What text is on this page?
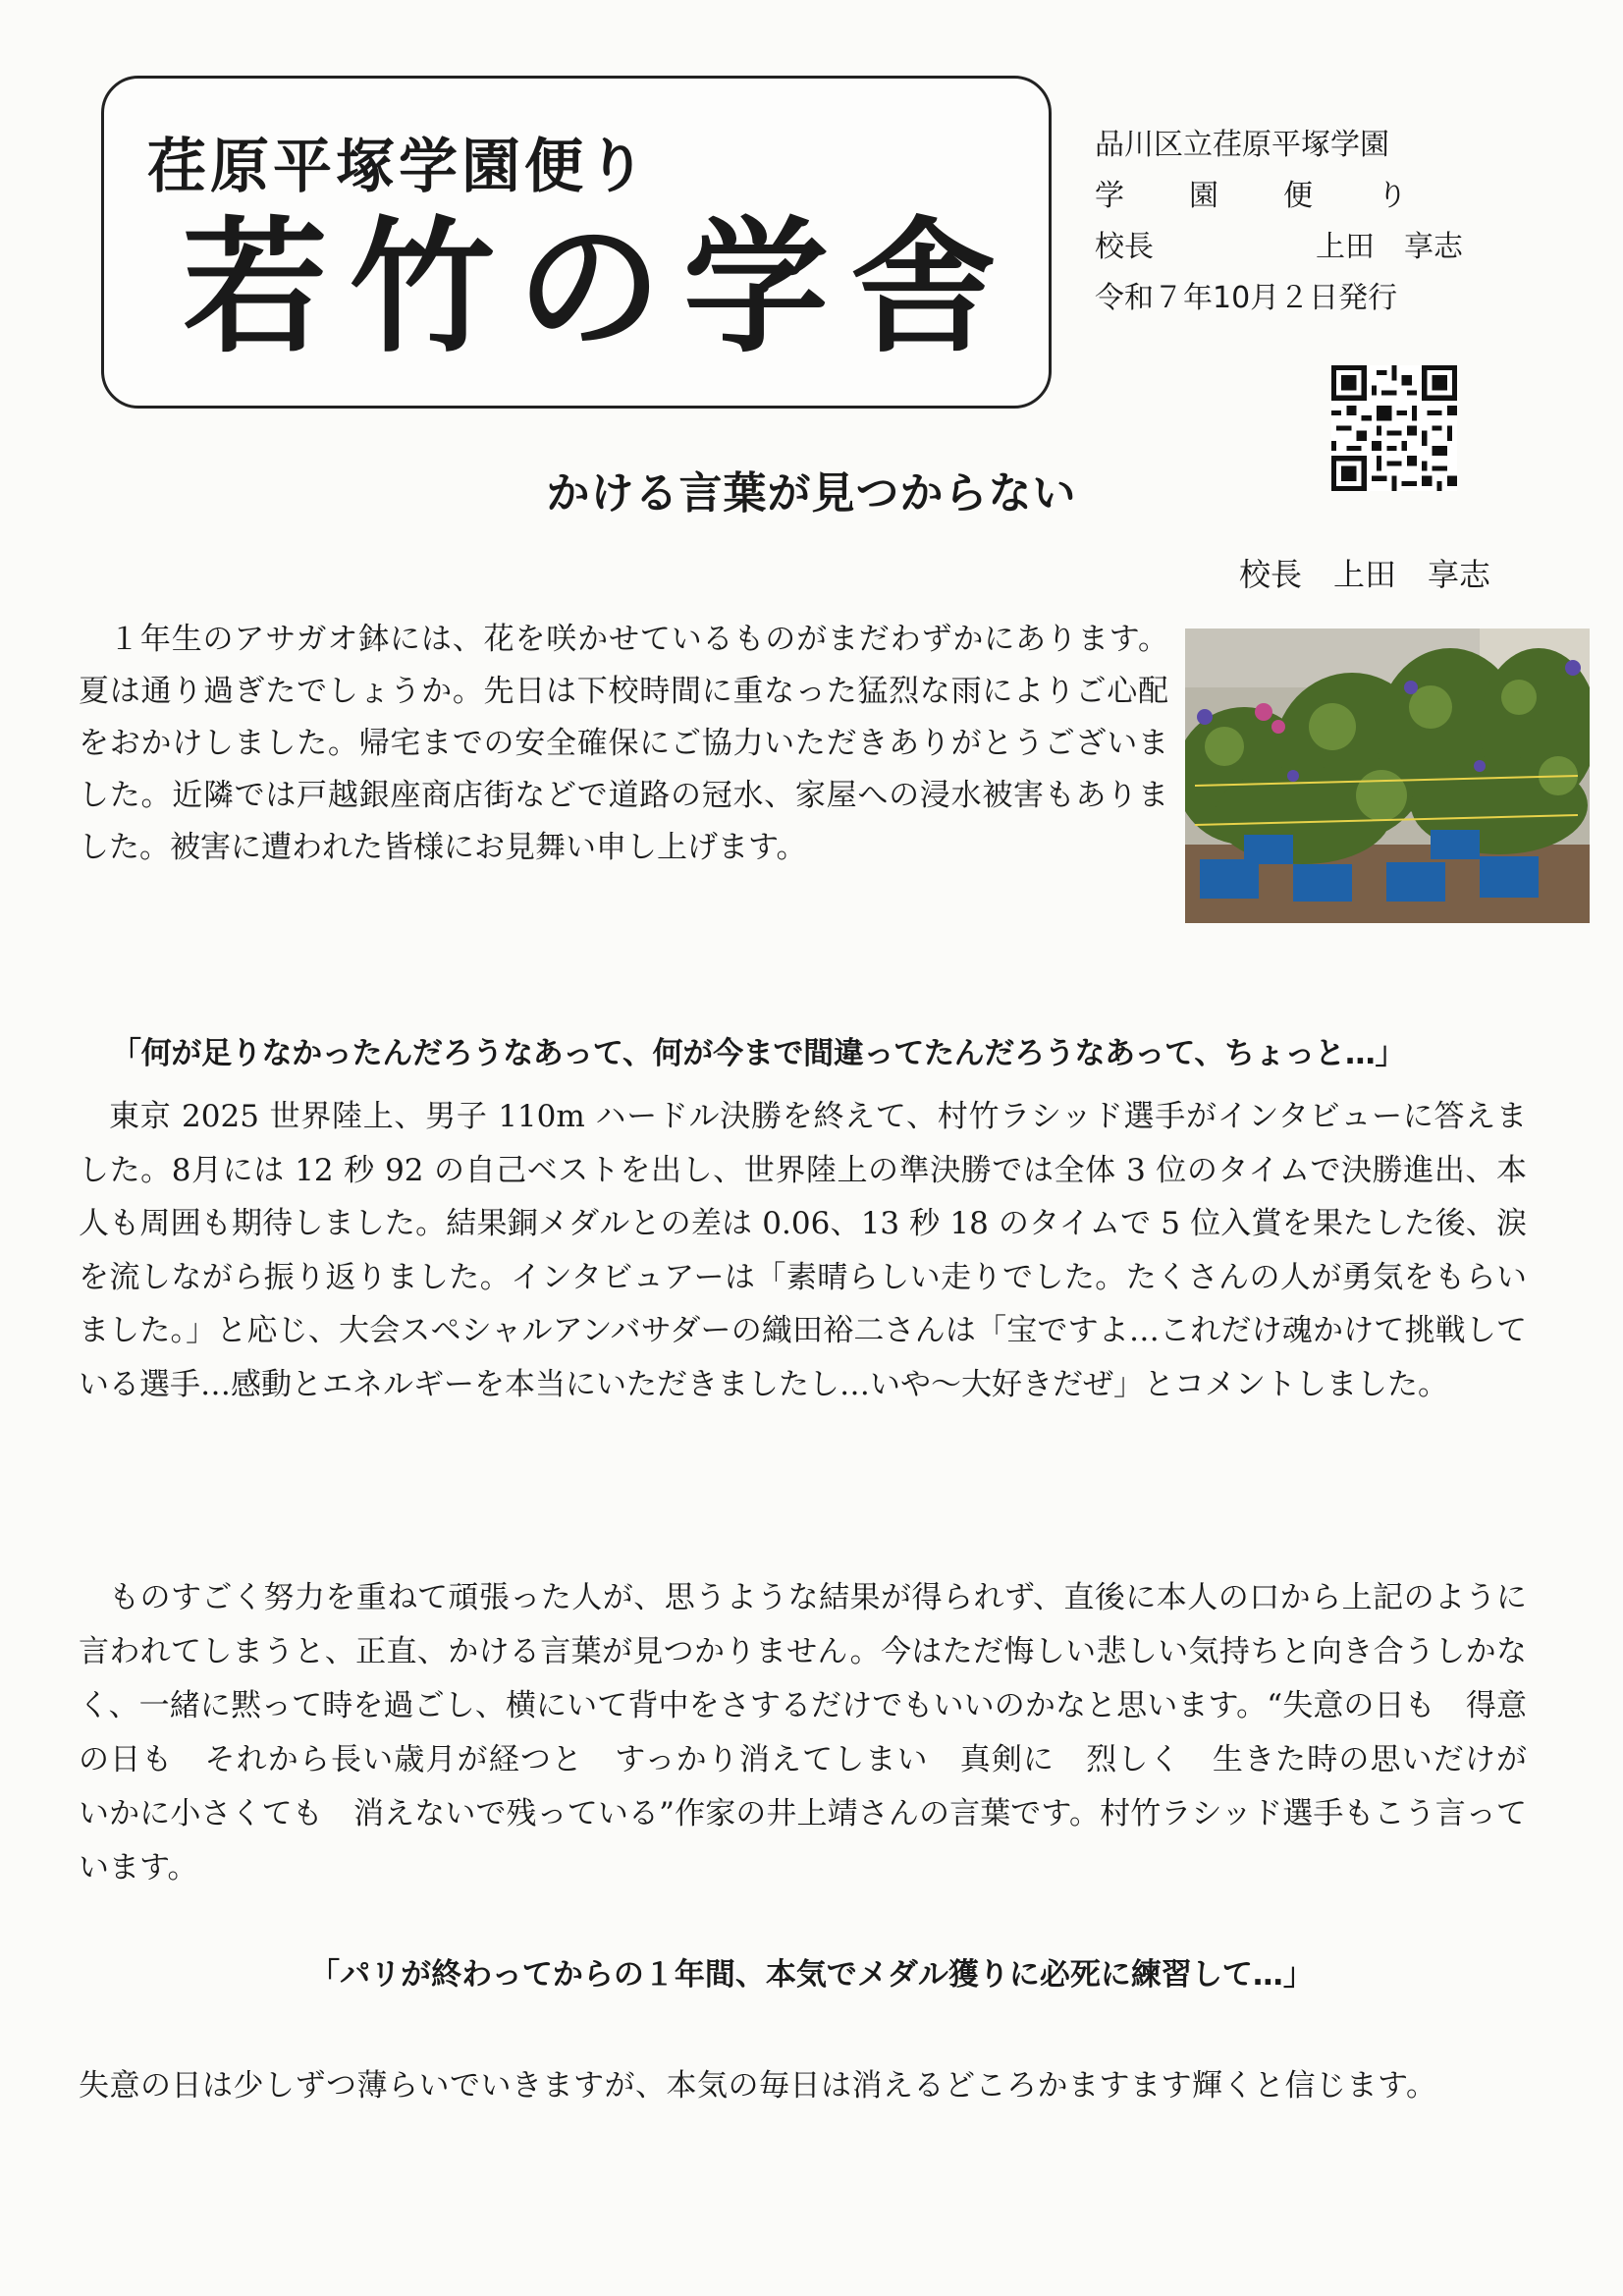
荏原平塚学園便り
若竹の学舎
品川区立荏原平塚学園
学　園　便　り
校長	上田　享志
令和７年10月２日発行
かける言葉が見つからない
校長　上田　享志
１年生のアサガオ鉢には、花を咲かせているものがまだわずかにあります。夏は通り過ぎたでしょうか。先日は下校時間に重なった猛烈な雨によりご心配をおかけしました。帰宅までの安全確保にご協力いただきありがとうございました。近隣では戸越銀座商店街などで道路の冠水、家屋への浸水被害もありました。被害に遭われた皆様にお見舞い申し上げます。
「何が足りなかったんだろうなあって、何が今まで間違ってたんだろうなあって、ちょっと…」
東京 2025 世界陸上、男子 110m ハードル決勝を終えて、村竹ラシッド選手がインタビューに答えました。8月には 12 秒 92 の自己ベストを出し、世界陸上の準決勝では全体 3 位のタイムで決勝進出、本人も周囲も期待しました。結果銅メダルとの差は 0.06、13 秒 18 のタイムで 5 位入賞を果たした後、涙を流しながら振り返りました。インタビュアーは「素晴らしい走りでした。たくさんの人が勇気をもらいました。」と応じ、大会スペシャルアンバサダーの織田裕二さんは「宝ですよ…これだけ魂かけて挑戦している選手…感動とエネルギーを本当にいただきましたし…いや～大好きだぜ」とコメントしました。
ものすごく努力を重ねて頑張った人が、思うような結果が得られず、直後に本人の口から上記のように言われてしまうと、正直、かける言葉が見つかりません。今はただ悔しい悲しい気持ちと向き合うしかなく、一緒に黙って時を過ごし、横にいて背中をさするだけでもいいのかなと思います。“失意の日も　得意の日も　それから長い歳月が経つと　すっかり消えてしまい　真剣に　烈しく　生きた時の思いだけが　いかに小さくても　消えないで残っている”作家の井上靖さんの言葉です。村竹ラシッド選手もこう言っています。
「パリが終わってからの１年間、本気でメダル獲りに必死に練習して…」
失意の日は少しずつ薄らいでいきますが、本気の毎日は消えるどころかますます輝くと信じます。
